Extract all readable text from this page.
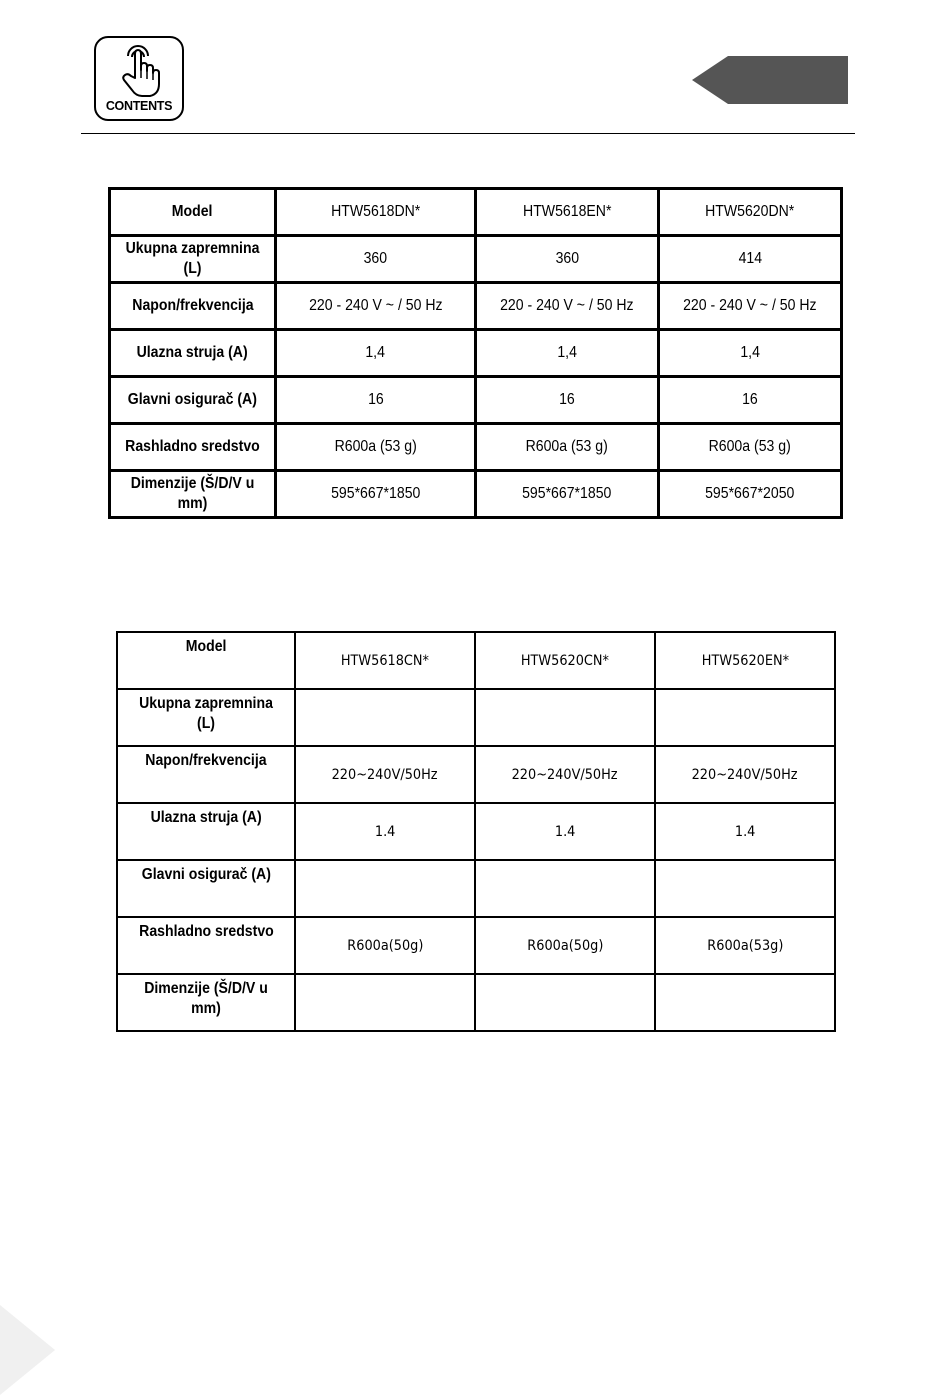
CONTENTS
Model	HTW5618DN*	HTW5618EN*	HTW5620DN*
Ukupna zapremnina (L)	360	360	414
Napon/frekvencija	220 - 240 V ~ / 50 Hz	220 - 240 V ~ / 50 Hz	220 - 240 V ~ / 50 Hz
Ulazna struja (A)	1,4	1,4	1,4
Glavni osigurač (A)	16	16	16
Rashladno sredstvo	R600a (53 g)	R600a (53 g)	R600a (53 g)
Dimenzije (Š/D/V u mm)	595*667*1850	595*667*1850	595*667*2050
Model	HTW5618CN*	HTW5620CN*	HTW5620EN*
Ukupna zapremnina (L)			
Napon/frekvencija	220~240V/50Hz	220~240V/50Hz	220~240V/50Hz
Ulazna struja (A)	1.4	1.4	1.4
Glavni osigurač (A)			
Rashladno sredstvo	R600a(50g)	R600a(50g)	R600a(53g)
Dimenzije (Š/D/V u mm)			
